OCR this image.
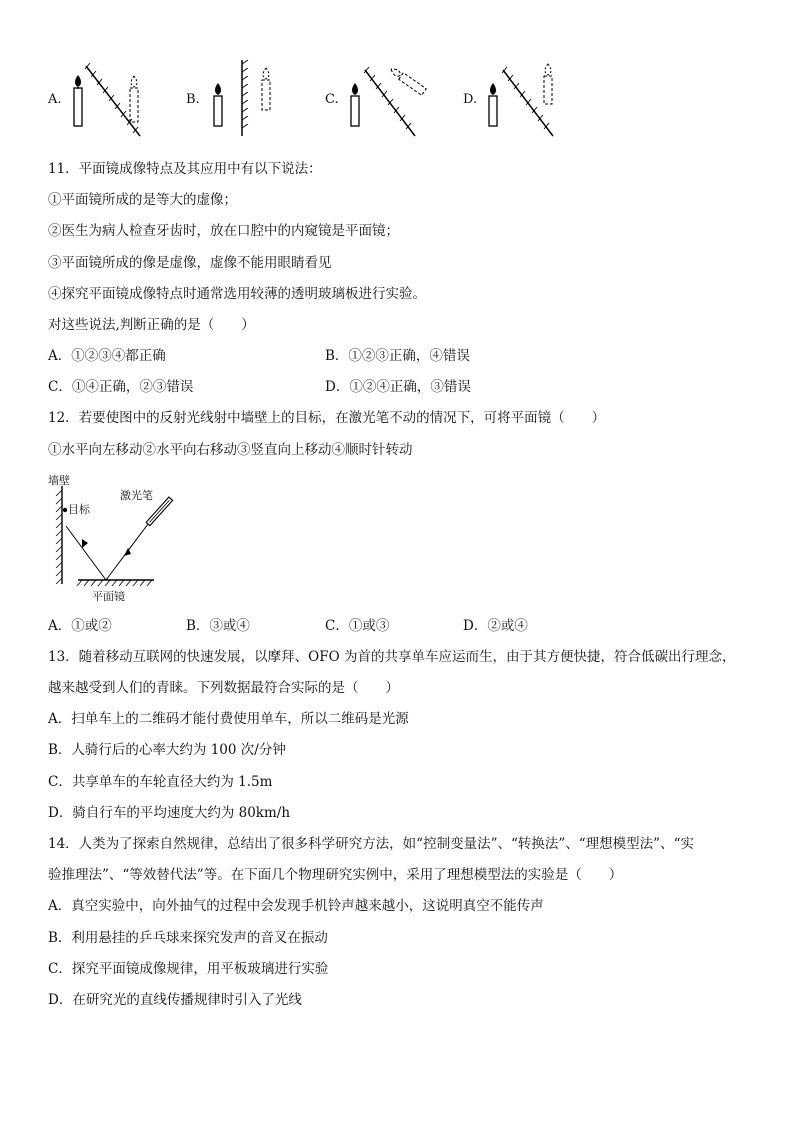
A.	B.	C.	D.
11．平面镜成像特点及其应用中有以下说法：
①平面镜所成的是等大的虚像；
②医生为病人检查牙齿时，放在口腔中的内窥镜是平面镜；
③平面镜所成的像是虚像，虚像不能用眼睛看见
④探究平面镜成像特点时通常选用较薄的透明玻璃板进行实验。
对这些说法,判断正确的是（　　）
A．①②③④都正确	B．①②③正确，④错误
C．①④正确，②③错误	D．①②④正确，③错误
12．若要使图中的反射光线射中墙壁上的目标，在激光笔不动的情况下，可将平面镜（　　）
①水平向左移动②水平向右移动③竖直向上移动④顺时针转动
墙壁
目标
激光笔
平面镜
A．①或②	B．③或④	C．①或③	D．②或④
13．随着移动互联网的快速发展，以摩拜、OFO 为首的共享单车应运而生，由于其方便快捷，符合低碳出行理念，
越来越受到人们的青睐。下列数据最符合实际的是（　　）
A．扫单车上的二维码才能付费使用单车，所以二维码是光源
B．人骑行后的心率大约为 100 次/分钟
C．共享单车的车轮直径大约为 1.5m
D．骑自行车的平均速度大约为 80km/h
14．人类为了探索自然规律，总结出了很多科学研究方法，如“控制变量法”、“转换法”、“理想模型法”、“实
验推理法”、“等效替代法”等。在下面几个物理研究实例中，采用了理想模型法的实验是（　　）
A．真空实验中，向外抽气的过程中会发现手机铃声越来越小，这说明真空不能传声
B．利用悬挂的乒乓球来探究发声的音叉在振动
C．探究平面镜成像规律，用平板玻璃进行实验
D．在研究光的直线传播规律时引入了光线
